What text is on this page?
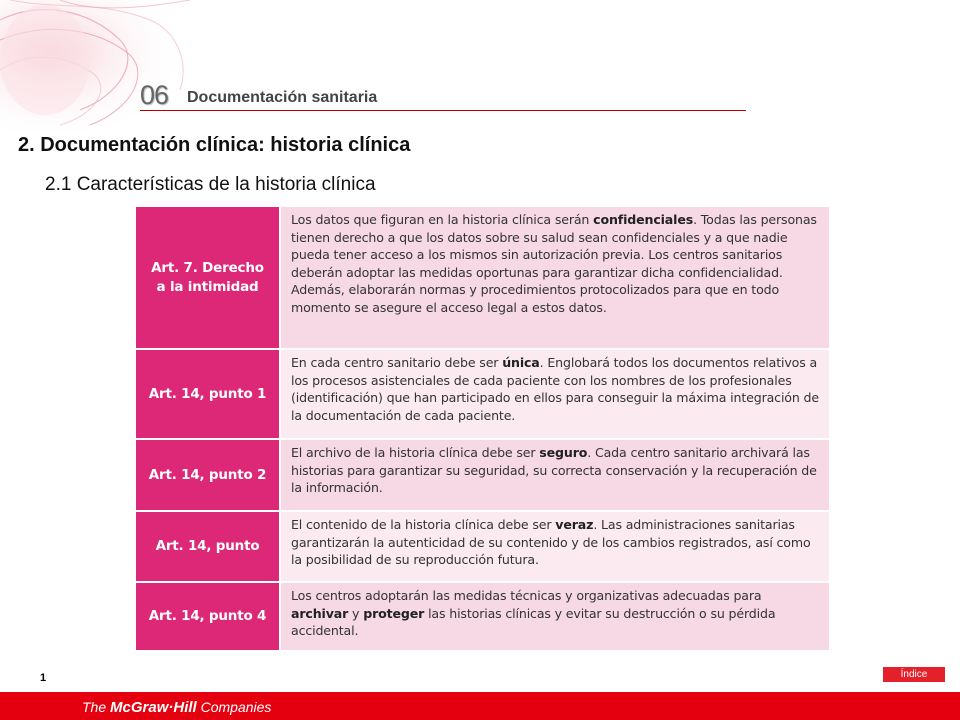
06 Documentación sanitaria
2. Documentación clínica: historia clínica
2.1 Características de la historia clínica
Art. 7. Derecho
a la intimidad
Los datos que figuran en la historia clínica serán confidenciales. Todas las personas tienen derecho a que los datos sobre su salud sean confidenciales y a que nadie pueda tener acceso a los mismos sin autorización previa. Los centros sanitarios deberán adoptar las medidas oportunas para garantizar dicha confidencialidad. Además, elaborarán normas y procedimientos protocolizados para que en todo momento se asegure el acceso legal a estos datos.
Art. 14, punto 1
En cada centro sanitario debe ser única. Englobará todos los documentos relativos a los procesos asistenciales de cada paciente con los nombres de los profesionales (identificación) que han participado en ellos para conseguir la máxima integración de la documentación de cada paciente.
Art. 14, punto 2
El archivo de la historia clínica debe ser seguro. Cada centro sanitario archivará las historias para garantizar su seguridad, su correcta conservación y la recuperación de la información.
Art. 14, punto
El contenido de la historia clínica debe ser veraz. Las administraciones sanitarias garantizarán la autenticidad de su contenido y de los cambios registrados, así como la posibilidad de su reproducción futura.
Art. 14, punto 4
Los centros adoptarán las medidas técnicas y organizativas adecuadas para archivar y proteger las historias clínicas y evitar su destrucción o su pérdida accidental.
1	Índice
The McGraw·Hill Companies
